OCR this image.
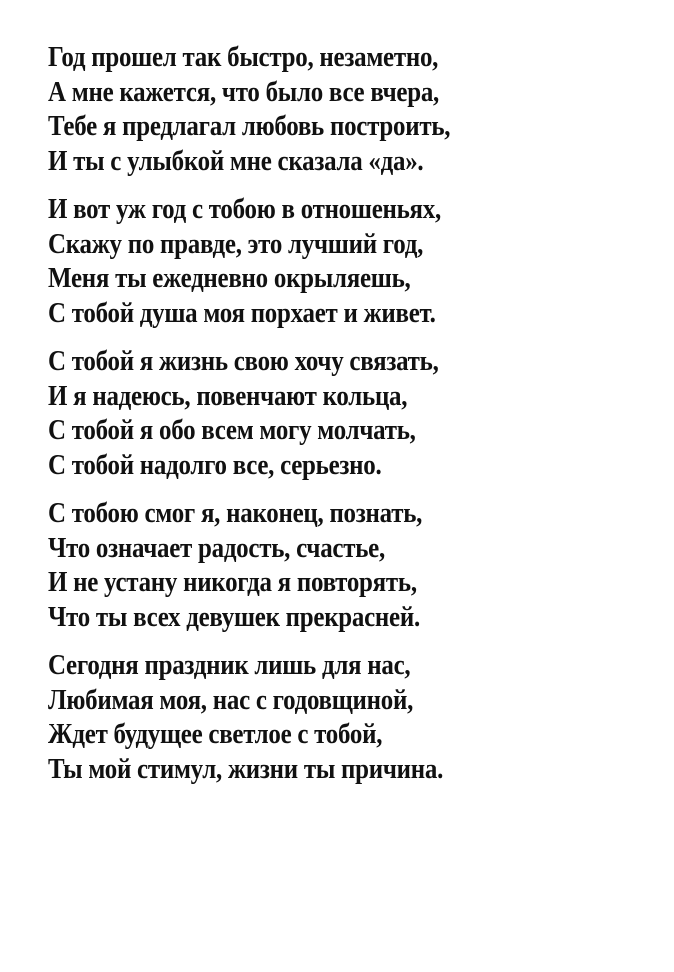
Год прошел так быстро, незаметно,
А мне кажется, что было все вчера,
Тебе я предлагал любовь построить,
И ты с улыбкой мне сказала «да».
И вот уж год с тобою в отношеньях,
Скажу по правде, это лучший год,
Меня ты ежедневно окрыляешь,
С тобой душа моя порхает и живет.
С тобой я жизнь свою хочу связать,
И я надеюсь, повенчают кольца,
С тобой я обо всем могу молчать,
С тобой надолго все, серьезно.
С тобою смог я, наконец, познать,
Что означает радость, счастье,
И не устану никогда я повторять,
Что ты всех девушек прекрасней.
Сегодня праздник лишь для нас,
Любимая моя, нас с годовщиной,
Ждет будущее светлое с тобой,
Ты мой стимул, жизни ты причина.
